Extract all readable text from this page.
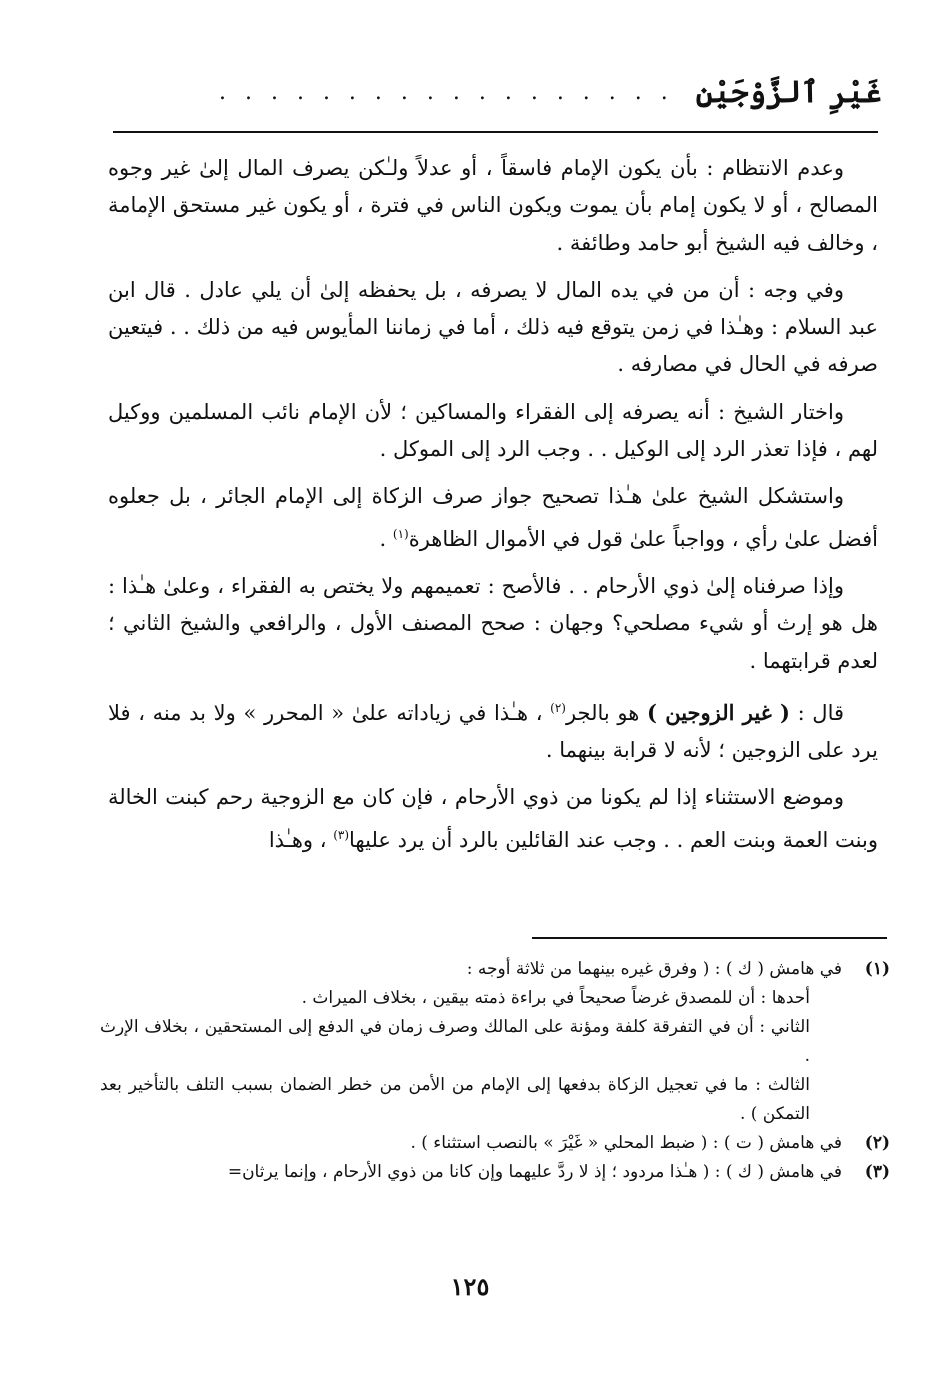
غَيْرِ ٱلزَّوْجَيْنِ
. . . . . . . . . . . . . . . . . .

وعدم الانتظام : بأن يكون الإمام فاسقاً ، أو عدلاً ولـٰكن يصرف المال إلىٰ غير وجوه المصالح ، أو لا يكون إمام بأن يموت ويكون الناس في فترة ، أو يكون غير مستحق الإمامة ، وخالف فيه الشيخ أبو حامد وطائفة .

وفي وجه : أن من في يده المال لا يصرفه ، بل يحفظه إلىٰ أن يلي عادل . قال ابن عبد السلام : وهـٰذا في زمن يتوقع فيه ذلك ، أما في زماننا المأيوس فيه من ذلك . . فيتعين صرفه في الحال في مصارفه .

واختار الشيخ : أنه يصرفه إلى الفقراء والمساكين ؛ لأن الإمام نائب المسلمين ووكيل لهم ، فإذا تعذر الرد إلى الوكيل . . وجب الرد إلى الموكل .

واستشكل الشيخ علىٰ هـٰذا تصحيح جواز صرف الزكاة إلى الإمام الجائر ، بل جعلوه أفضل علىٰ رأي ، وواجباً علىٰ قول في الأموال الظاهرة$^{(١)}$ .

وإذا صرفناه إلىٰ ذوي الأرحام . . فالأصح : تعميمهم ولا يختص به الفقراء ، وعلىٰ هـٰذا : هل هو إرث أو شيء مصلحي؟ وجهان : صحح المصنف الأول ، والرافعي والشيخ الثاني ؛ لعدم قرابتهما .

قال : ( غير الزوجين ) هو بالجر$^{(٢)}$ ، هـٰذا في زياداته علىٰ « المحرر » ولا بد منه ، فلا يرد على الزوجين ؛ لأنه لا قرابة بينهما .

وموضع الاستثناء إذا لم يكونا من ذوي الأرحام ، فإن كان مع الزوجية رحم كبنت الخالة وبنت العمة وبنت العم . . وجب عند القائلين بالرد أن يرد عليها$^{(٣)}$ ، وهـٰذا

(١)
في هامش ( ك ) : ( وفرق غيره بينهما من ثلاثة أوجه :
أحدها : أن للمصدق غرضاً صحيحاً في براءة ذمته بيقين ، بخلاف الميراث .
الثاني : أن في التفرقة كلفة ومؤنة على المالك وصرف زمان في الدفع إلى المستحقين ، بخلاف الإرث .
الثالث : ما في تعجيل الزكاة بدفعها إلى الإمام من الأمن من خطر الضمان بسبب التلف بالتأخير بعد التمكن ) .
(٢)
في هامش ( ت ) : ( ضبط المحلي « غَيْرَ » بالنصب استثناء ) .
(٣)
في هامش ( ك ) : ( هـٰذا مردود ؛ إذ لا ردَّ عليهما وإن كانا من ذوي الأرحام ، وإنما يرثان=
١٢٥
